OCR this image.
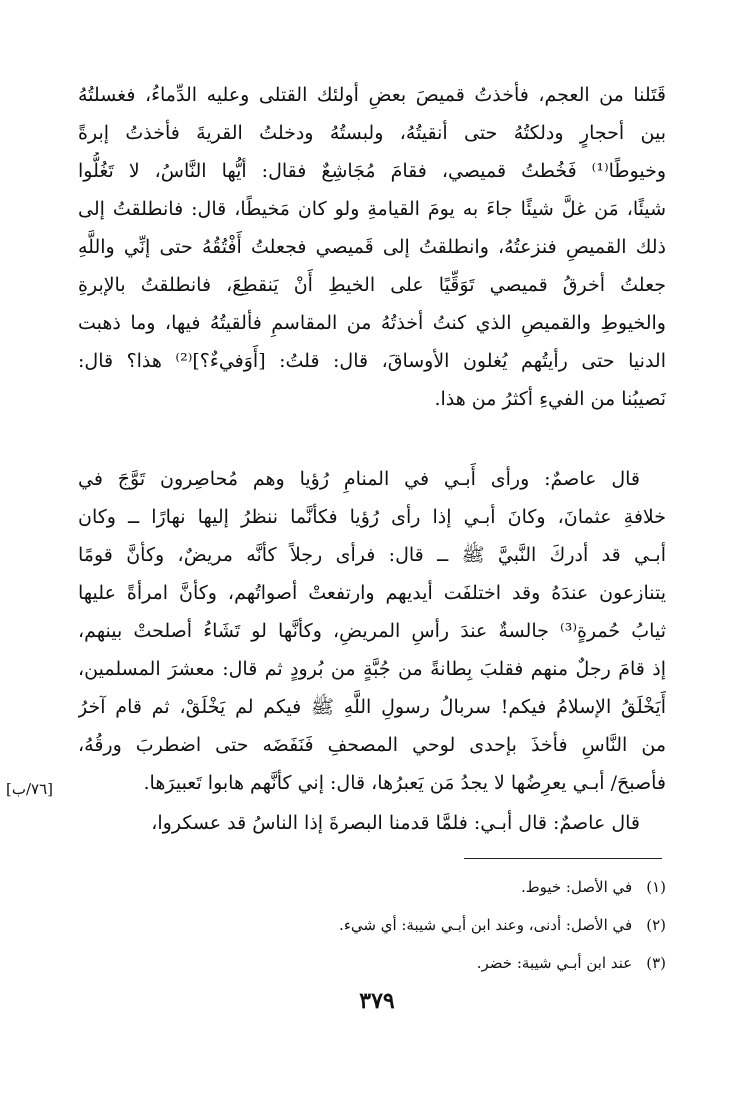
قَتَلنا من العجم، فأخذتُ قميصَ بعضِ أولئك القتلى وعليه الدِّماءُ، فغسلتُهُ
بين أحجارٍ ودلكتُهُ حتى أنقيتُهُ، ولبستُهُ ودخلتُ القريةَ فأخذتُ إبرةً
وخيوطًا⁽¹⁾ فَخُطتُ قميصي، فقامَ مُجَاشِعٌ فقال: أيُّها النَّاسُ، لا تَغُلُّوا
شيئًا، مَن غلَّ شيئًا جاءَ به يومَ القيامةِ ولو كان مَخيطًا، قال: فانطلقتُ إلى
ذلك القميصِ فنزعتُهُ، وانطلقتُ إلى قَميصي فجعلتُ أَفْتُقُهُ حتى إنِّي واللَّهِ
جعلتُ أخرقُ قميصي تَوَقِّيًا على الخيطِ أَنْ يَنقطِعَ، فانطلقتُ بالإبرةِ
والخيوطِ والقميصِ الذي كنتُ أخذتُهُ من المقاسمِ فألقيتُهُ فيها، وما ذهبت
الدنيا حتى رأيتُهم يُغلون الأوساقَ، قال: قلتُ: [أَوَفيءٌ؟]⁽²⁾ هذا؟ قال:
نَصيبُنا من الفيءِ أكثرُ من هذا.
قال عاصمٌ: ورأى أَبـي في المنامِ رُؤيا وهم مُحاصِرون تَوَّجَ في
خلافةِ عثمانَ، وكانَ أبـي إذا رأى رُؤيا فكأنَّما ننظرُ إليها نهارًا ــ وكان
أبـي قد أدركَ النَّبيَّ ﷺ ــ قال: فرأى رجلاً كأنَّه مريضٌ، وكأنَّ قومًا
يتنازعون عندَهُ وقد اختلفَت أيديهم وارتفعتْ أصواتُهم، وكأنَّ امرأةً عليها
ثيابُ حُمرةٍ⁽³⁾ جالسةٌ عندَ رأسِ المريضِ، وكأنَّها لو تَشَاءُ أصلحتْ بينهم،
إذ قامَ رجلٌ منهم فقلبَ بِطانةً من جُبَّةٍ من بُرودٍ ثم قال: معشرَ المسلمين،
أَيَخْلَقُ الإسلامُ فيكم! سربالُ رسولِ اللَّهِ ﷺ فيكم لم يَخْلَقْ، ثم قام آخرُ
من النَّاسِ فأخذَ بإحدى لوحي المصحفِ فَنَفَضَه حتى اضطربَ ورقُهُ،
فأصبحَ/ أبـي يعرِضُها لا يجدُ مَن يَعبرُها، قال: إني كأنَّهم هابوا تَعبيرَها.
[٧٦/ب]
قال عاصمٌ: قال أبـي: فلمَّا قدمنا البصرةَ إذا الناسُ قد عسكروا،
(١)في الأصل: خيوط.
(٢)في الأصل: أدنى، وعند ابن أبـي شيبة: أي شيء.
(٣)عند ابن أبـي شيبة: خضر.
٣٧٩
